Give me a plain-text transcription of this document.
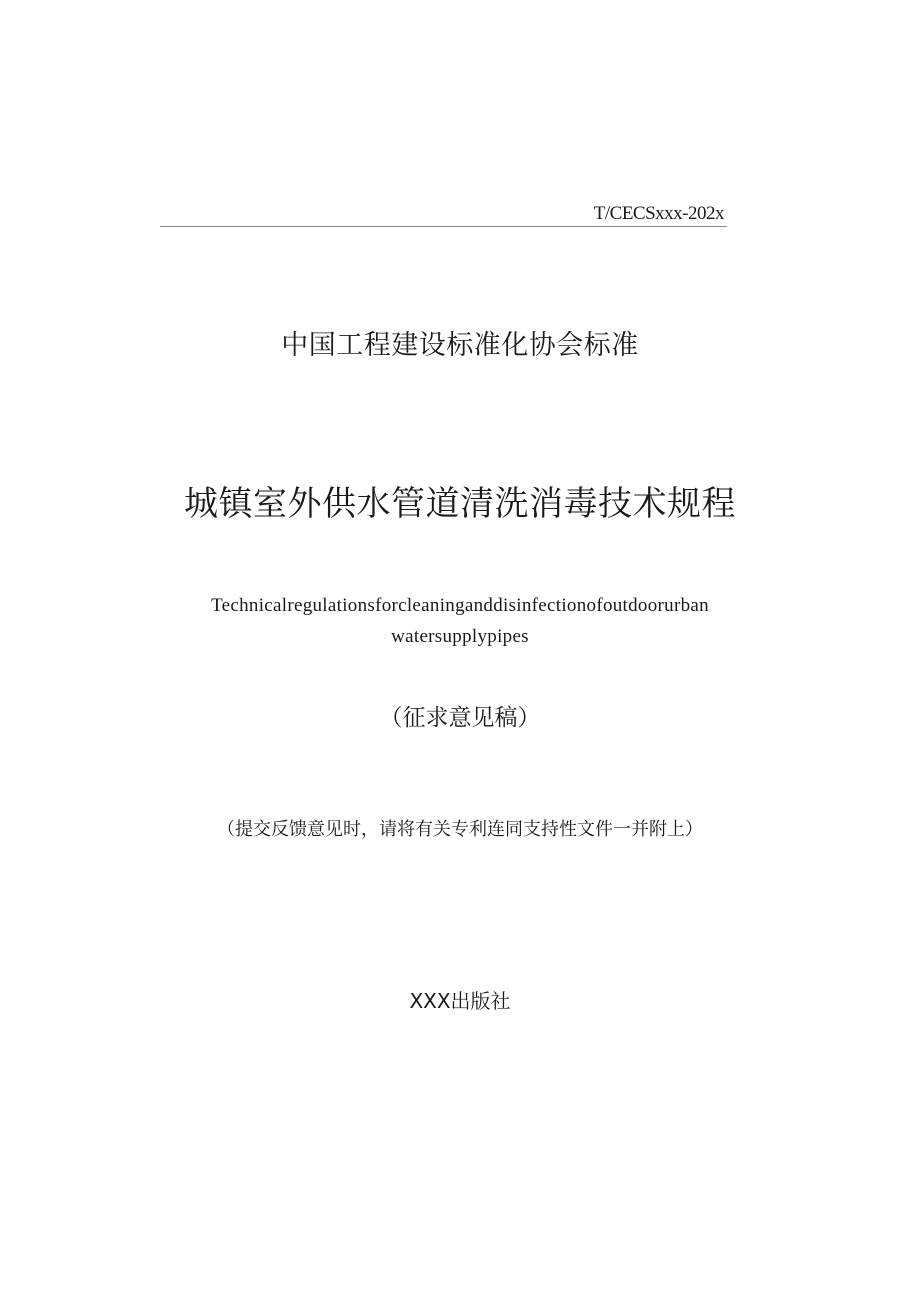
T/CECSxxx-202x
中国工程建设标准化协会标准
城镇室外供水管道清洗消毒技术规程
Technicalregulationsforcleaninganddisinfectionofoutdoorurban
watersupplypipes
（征求意见稿）
（提交反馈意见时，请将有关专利连同支持性文件一并附上）
XXX出版社
